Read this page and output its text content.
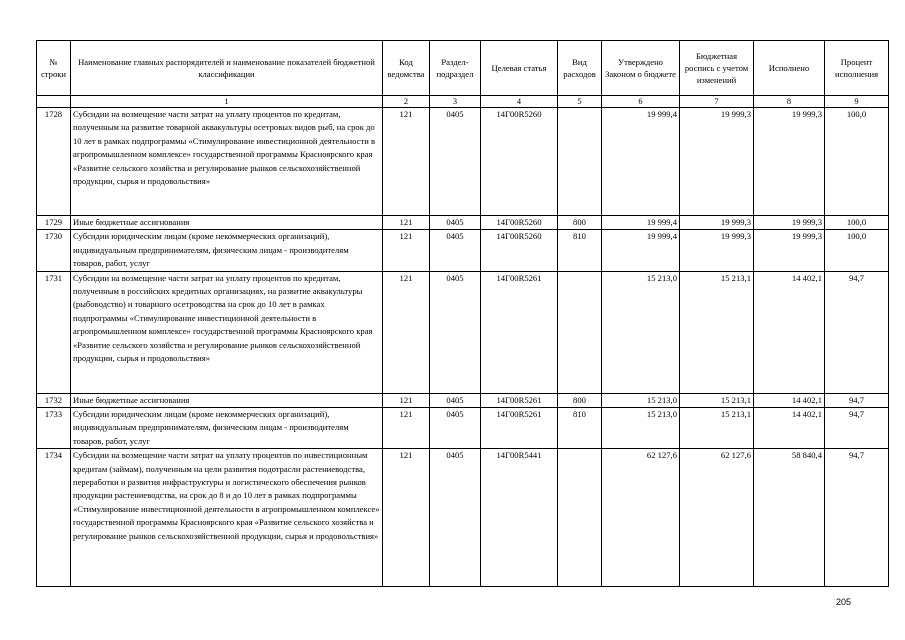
№ строки	Наименование главных распорядителей и наименование показателей бюджетной классификации	Код ведомства	Раздел- подраздел	Целевая статья	Вид расходов	Утверждено Законом о бюджете	Бюджетная роспись с учетом изменений	Исполнено	Процент исполнения
	1	2	3	4	5	6	7	8	9
1728	Субсидии на возмещение части затрат на уплату процентов по кредитам, полученным на развитие товарной аквакультуры осетровых видов рыб, на срок до 10 лет в рамках подпрограммы «Стимулирование инвестиционной деятельности в агропромышленном комплексе» государственной программы Красноярского края «Развитие сельского хозяйства и регулирование рынков сельскохозяйственной продукции, сырья и продовольствия»	121	0405	14Г00R5260		19 999,4	19 999,3	19 999,3	100,0
1729	Иные бюджетные ассигнования	121	0405	14Г00R5260	800	19 999,4	19 999,3	19 999,3	100,0
1730	Субсидии юридическим лицам (кроме некоммерческих организаций), индивидуальным предпринимателям, физическим лицам - производителям товаров, работ, услуг	121	0405	14Г00R5260	810	19 999,4	19 999,3	19 999,3	100,0
1731	Субсидии на возмещение части затрат на уплату процентов по кредитам, полученным в российских кредитных организациях, на развитие аквакультуры (рыбоводство) и товарного осетроводства на срок до 10 лет в рамках подпрограммы «Стимулирование инвестиционной деятельности в агропромышленном комплексе» государственной программы Красноярского края «Развитие сельского хозяйства и регулирование рынков сельскохозяйственной продукции, сырья и продовольствия»	121	0405	14Г00R5261		15 213,0	15 213,1	14 402,1	94,7
1732	Иные бюджетные ассигнования	121	0405	14Г00R5261	800	15 213,0	15 213,1	14 402,1	94,7
1733	Субсидии юридическим лицам (кроме некоммерческих организаций), индивидуальным предпринимателям, физическим лицам - производителям товаров, работ, услуг	121	0405	14Г00R5261	810	15 213,0	15 213,1	14 402,1	94,7
1734	Субсидии на возмещение части затрат на уплату процентов по инвестиционным кредитам (займам), полученным на цели развития подотрасли растениеводства, переработки и развития инфраструктуры и логистического обеспечения рынков продукции растениеводства, на срок до 8 и до 10 лет в рамках подпрограммы «Стимулирование инвестиционной деятельности в агропромышленном комплексе» государственной программы Красноярского края «Развитие сельского хозяйства и регулирование рынков сельскохозяйственной продукции, сырья и продовольствия»	121	0405	14Г00R5441		62 127,6	62 127,6	58 840,4	94,7
205
